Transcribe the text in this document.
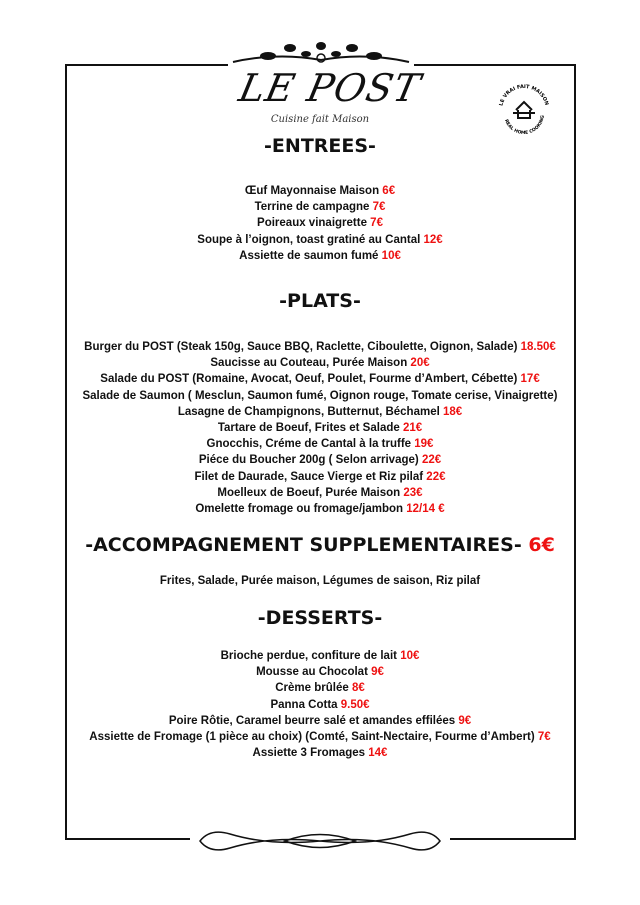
LE POST
Cuisine fait Maison
LE VRAI FAIT MAISON
REAL HOME COOKING
-ENTREES-
Œuf Mayonnaise Maison 6€
Terrine de campagne 7€
Poireaux vinaigrette 7€
Soupe à l’oignon, toast gratiné au Cantal 12€
Assiette de saumon fumé 10€
-PLATS-
Burger du POST (Steak 150g, Sauce BBQ, Raclette, Ciboulette, Oignon, Salade) 18.50€
Saucisse au Couteau, Purée Maison 20€
Salade du POST (Romaine, Avocat, Oeuf, Poulet, Fourme d’Ambert, Cébette) 17€
Salade de Saumon ( Mesclun, Saumon fumé, Oignon rouge, Tomate cerise, Vinaigrette)
Lasagne de Champignons, Butternut, Béchamel 18€
Tartare de Boeuf, Frites et Salade 21€
Gnocchis, Créme de Cantal à la truffe 19€
Piéce du Boucher 200g ( Selon arrivage) 22€
Filet de Daurade, Sauce Vierge et Riz pilaf 22€
Moelleux de Boeuf, Purée Maison 23€
Omelette fromage ou fromage/jambon 12/14 €
-ACCOMPAGNEMENT SUPPLEMENTAIRES- 6€
Frites, Salade, Purée maison, Légumes de saison, Riz pilaf
-DESSERTS-
Brioche perdue, confiture de lait 10€
Mousse au Chocolat 9€
Crème brûlée 8€
Panna Cotta 9.50€
Poire Rôtie, Caramel beurre salé et amandes effilées 9€
Assiette de Fromage (1 pièce au choix) (Comté, Saint-Nectaire, Fourme d’Ambert) 7€
Assiette 3 Fromages 14€
